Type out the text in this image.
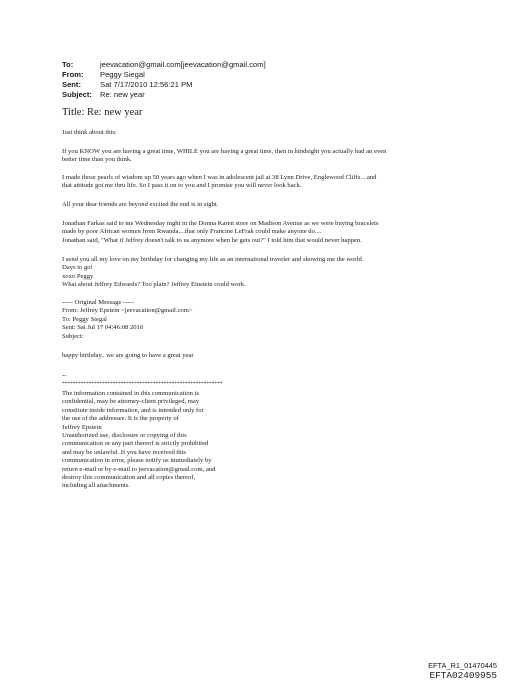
To:	jeevacation@gmail.com[jeevacation@gmail.com]
From:	Peggy Siegal
Sent:	Sat 7/17/2010 12:56:21 PM
Subject:	Re: new year
Title: Re: new year

Just think about this:

If you KNOW you are having a great time, WHILE you are having a great time, then in hindsight you actually had an even
better time than you think.

I made those pearls of wisdom up 50 years ago when I was in adolescent jail at 38 Lynn Drive, Englewood Cliffs....and
that attitude got me thru life. So I pass it on to you and I promise you will never look back.

All your dear friends are beyond excited the end is in sight.

Jonathan Farkas said to me Wednesday night in the Donna Karen store on Madison Avenue as we were buying bracelets
made by poor African women from Rwanda....that only Francine LeFrak could make anyone do....
Jonathan said, "What if Jeffrey doesn't talk to us anymore when he gets out?" I told him that would never happen.

I send you all my love on my birthday for changing my life as an international traveler and showing me the world.
Days to go!
xoxo Peggy
What about Jeffrey Edwards? Too plain? Jeffrey Einstein could work.

----- Original Message -----
From: Jeffrey Epstein <jeevacation@gmail.com>
To: Peggy Siegal
Sent: Sat Jul 17 04:46:08 2010
Subject:

happy birthday.. we are going to have a great year

--
************************************************************

The information contained in this communication is
confidential, may be attorney-client privileged, may
constitute inside information, and is intended only for
the use of the addressee. It is the property of
Jeffrey Epstein
Unauthorized use, disclosure or copying of this
communication or any part thereof is strictly prohibited
and may be unlawful. If you have received this
communication in error, please notify us immediately by
return e-mail or by e-mail to jeevacation@gmail.com, and
destroy this communication and all copies thereof,
including all attachments.

EFTA_R1_01470445
EFTA02409955
